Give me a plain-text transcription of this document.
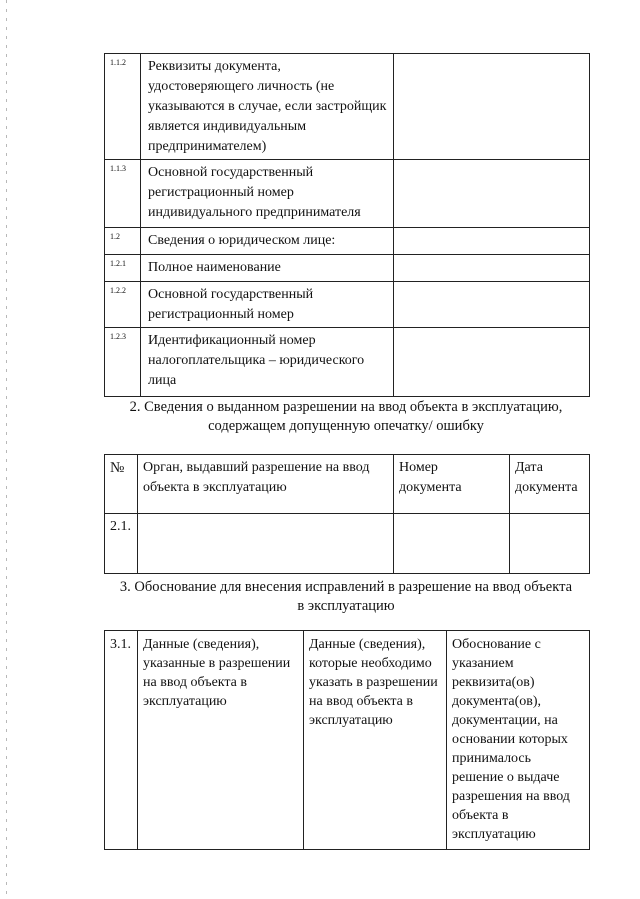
1.1.2	Реквизиты документа, удостоверяющего личность (не указываются в случае, если застройщик является индивидуальным предпринимателем)	
1.1.3	Основной государственный регистрационный номер индивидуального предпринимателя	
1.2	Сведения о юридическом лице:	
1.2.1	Полное наименование	
1.2.2	Основной государственный регистрационный номер	
1.2.3	Идентификационный номер налогоплательщика – юридического лица	
2. Сведения о выданном разрешении на ввод объекта в эксплуатацию,
содержащем допущенную опечатку/ ошибку
№	Орган, выдавший разрешение на ввод объекта в эксплуатацию	Номер документа	Дата документа
2.1.			
3. Обоснование для внесения исправлений в разрешение на ввод объекта
в эксплуатацию
3.1.	Данные (сведения), указанные в разрешении на ввод объекта в эксплуатацию	Данные (сведения), которые необходимо указать в разрешении на ввод объекта в эксплуатацию	Обоснование с указанием реквизита(ов) документа(ов), документации, на основании которых принималось решение о выдаче разрешения на ввод объекта в эксплуатацию
